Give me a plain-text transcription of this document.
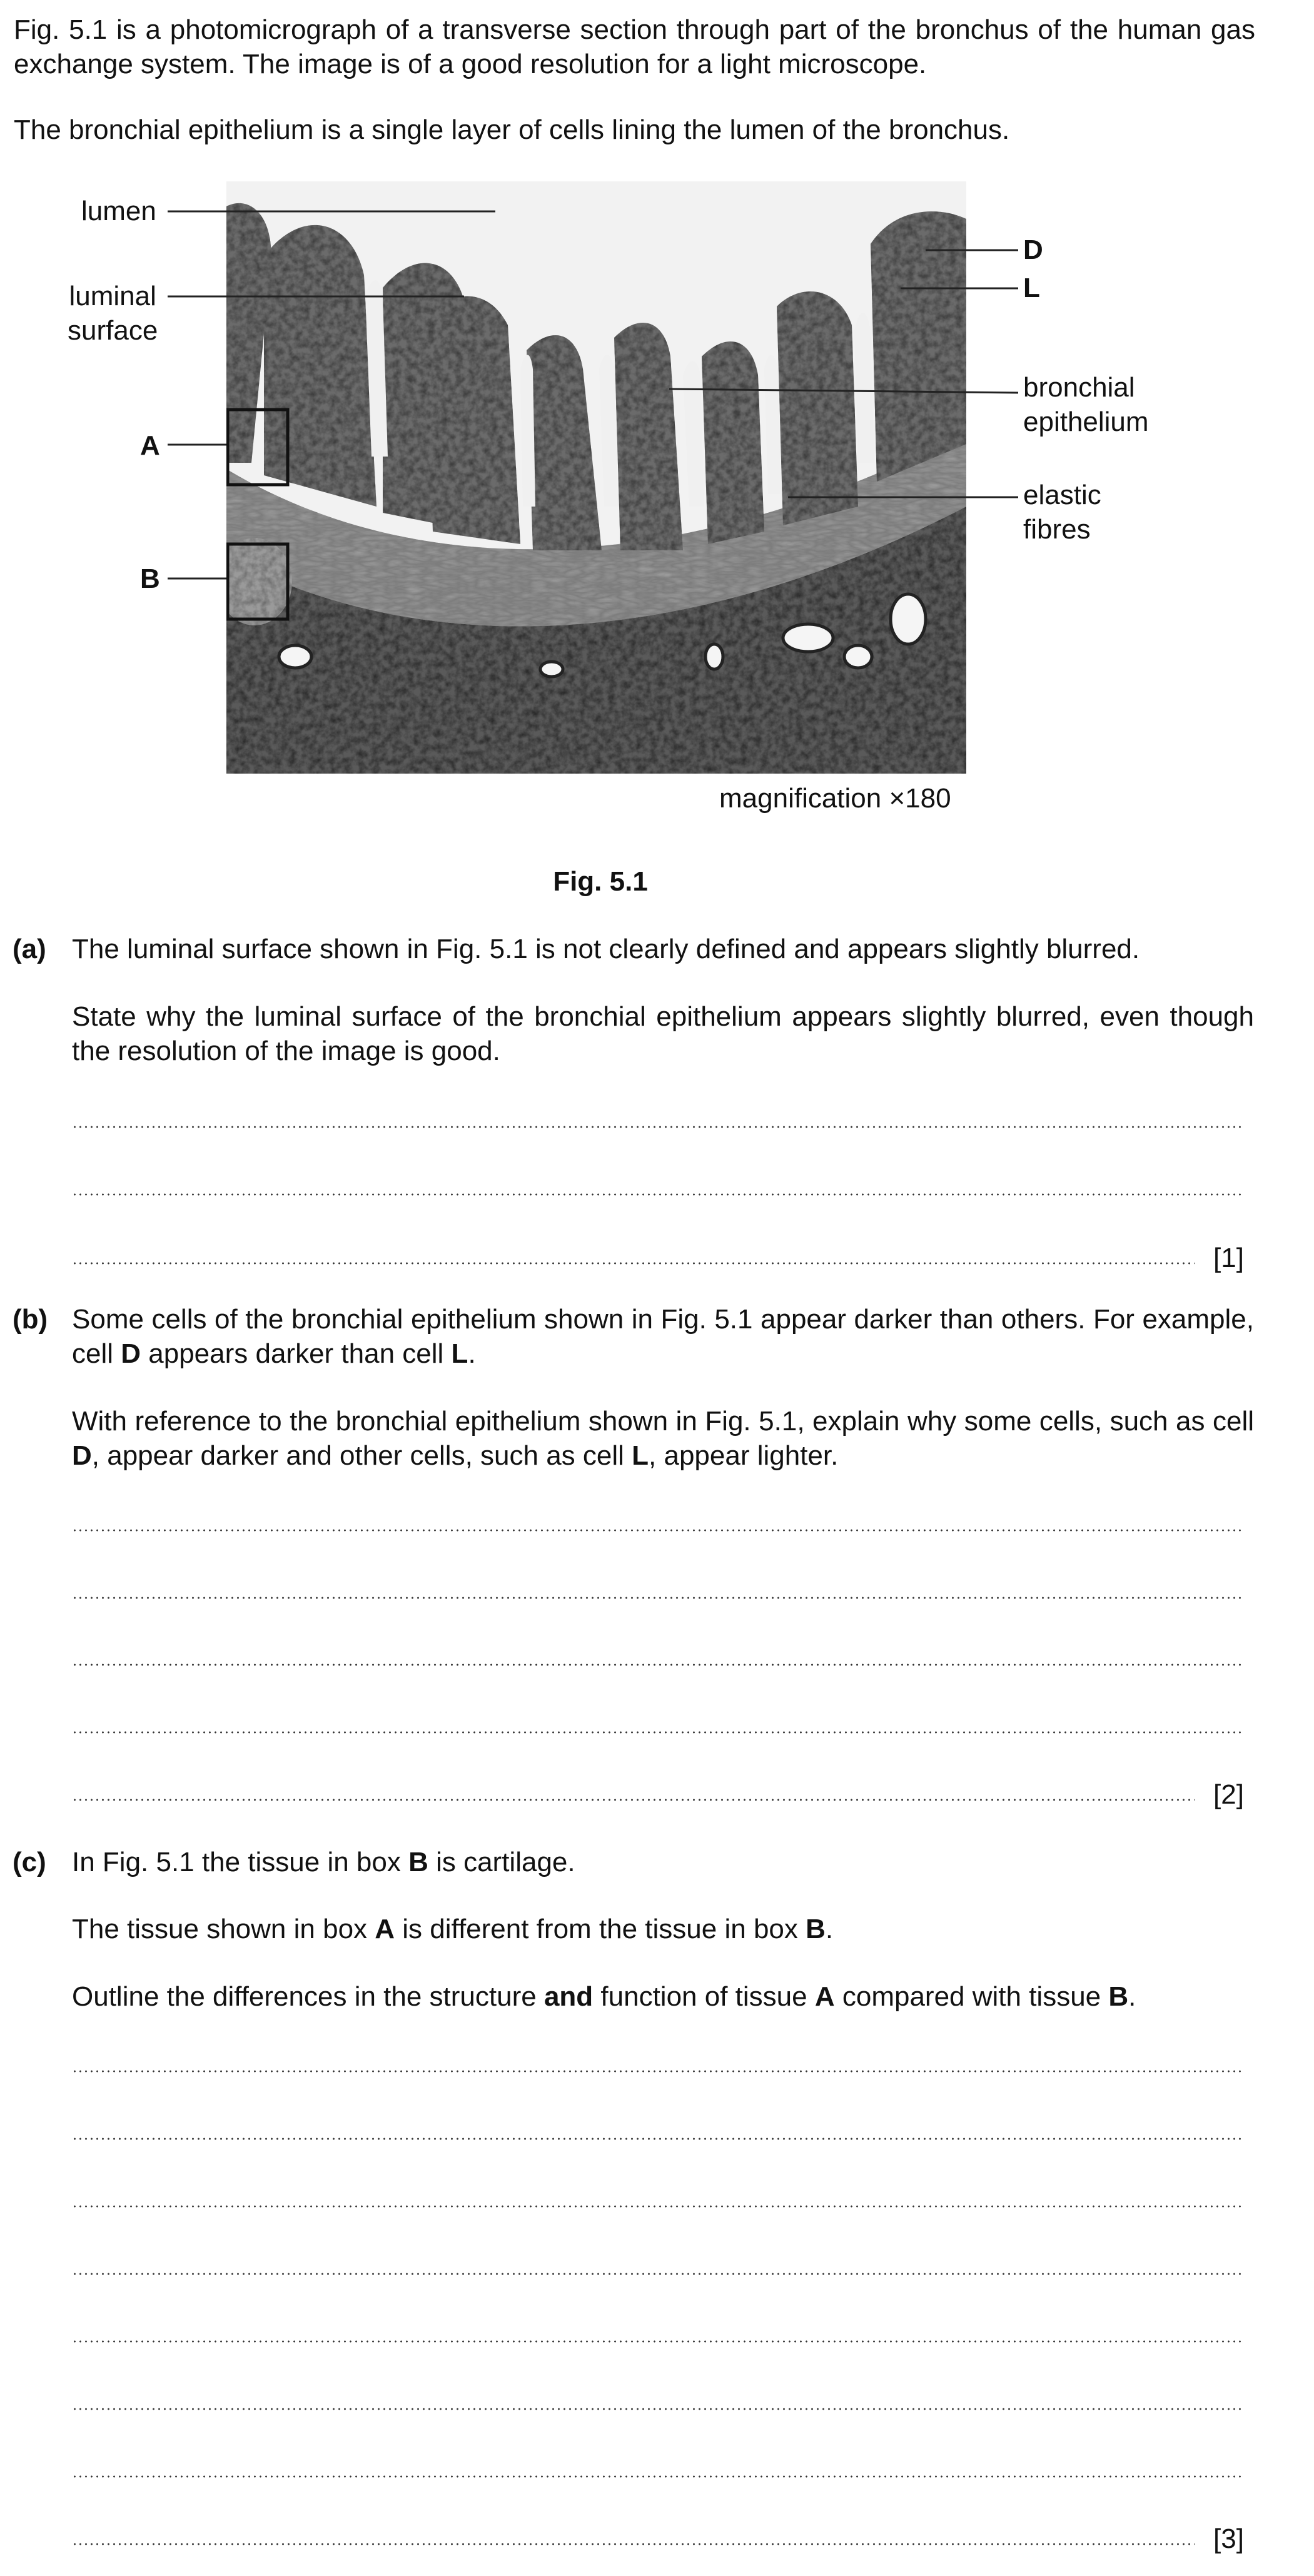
Fig. 5.1 is a photomicrograph of a transverse section through part of the bronchus of the human gas exchange system. The image is of a good resolution for a light microscope.

The bronchial epithelium is a single layer of cells lining the lumen of the bronchus.

lumen
luminal
surface
A
B
D
L
bronchial
epithelium
elastic
fibres
magnification ×180
Fig. 5.1
(a) The luminal surface shown in Fig. 5.1 is not clearly defined and appears slightly blurred.

State why the luminal surface of the bronchial epithelium appears slightly blurred, even though the resolution of the image is good.

[1]
(b) Some cells of the bronchial epithelium shown in Fig. 5.1 appear darker than others. For example, cell D appears darker than cell L.

With reference to the bronchial epithelium shown in Fig. 5.1, explain why some cells, such as cell D, appear darker and other cells, such as cell L, appear lighter.

[2]
(c) In Fig. 5.1 the tissue in box B is cartilage.

The tissue shown in box A is different from the tissue in box B.

Outline the differences in the structure and function of tissue A compared with tissue B.

[3]
